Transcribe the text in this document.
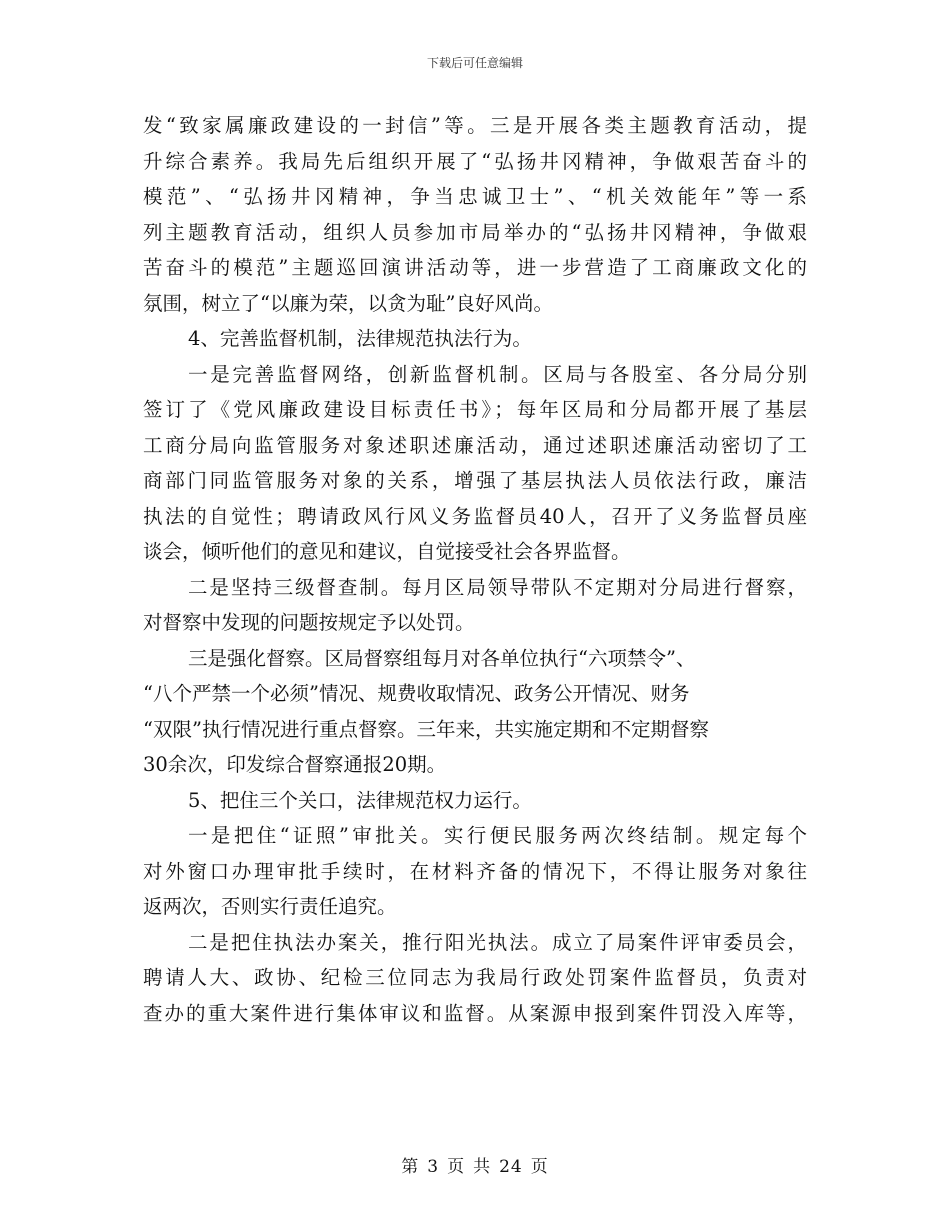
下载后可任意编辑
发“致家属廉政建设的一封信”等。三是开展各类主题教育活动，提
升综合素养。我局先后组织开展了“弘扬井冈精神，争做艰苦奋斗的
模范”、“弘扬井冈精神，争当忠诚卫士”、“机关效能年”等一系
列主题教育活动，组织人员参加市局举办的“弘扬井冈精神，争做艰
苦奋斗的模范”主题巡回演讲活动等，进一步营造了工商廉政文化的
氛围，树立了“以廉为荣，以贪为耻”良好风尚。
4、完善监督机制，法律规范执法行为。
一是完善监督网络，创新监督机制。区局与各股室、各分局分别
签订了《党风廉政建设目标责任书》；每年区局和分局都开展了基层
工商分局向监管服务对象述职述廉活动，通过述职述廉活动密切了工
商部门同监管服务对象的关系，增强了基层执法人员依法行政，廉洁
执法的自觉性；聘请政风行风义务监督员40人，召开了义务监督员座
谈会，倾听他们的意见和建议，自觉接受社会各界监督。
二是坚持三级督查制。每月区局领导带队不定期对分局进行督察，
对督察中发现的问题按规定予以处罚。
三是强化督察。区局督察组每月对各单位执行“六项禁令”、
“八个严禁一个必须”情况、规费收取情况、政务公开情况、财务
“双限”执行情况进行重点督察。三年来，共实施定期和不定期督察
30余次，印发综合督察通报20期。
5、把住三个关口，法律规范权力运行。
一是把住“证照”审批关。实行便民服务两次终结制。规定每个
对外窗口办理审批手续时，在材料齐备的情况下，不得让服务对象往
返两次，否则实行责任追究。
二是把住执法办案关，推行阳光执法。成立了局案件评审委员会，
聘请人大、政协、纪检三位同志为我局行政处罚案件监督员，负责对
查办的重大案件进行集体审议和监督。从案源申报到案件罚没入库等，
第 3 页 共 24 页
